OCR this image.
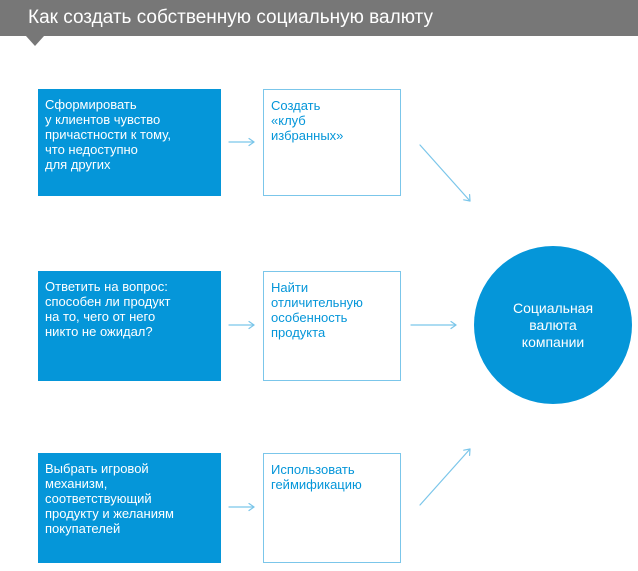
Как создать собственную социальную валюту
Сформировать
у клиентов чувство
причастности к тому,
что недоступно
для других
Создать
«клуб
избранных»
Ответить на вопрос:
способен ли продукт
на то, чего от него
никто не ожидал?
Найти
отличительную
особенность
продукта
Выбрать игровой
механизм,
соответствующий
продукту и желаниям
покупателей
Использовать
геймификацию
Социальная
валюта
компании
